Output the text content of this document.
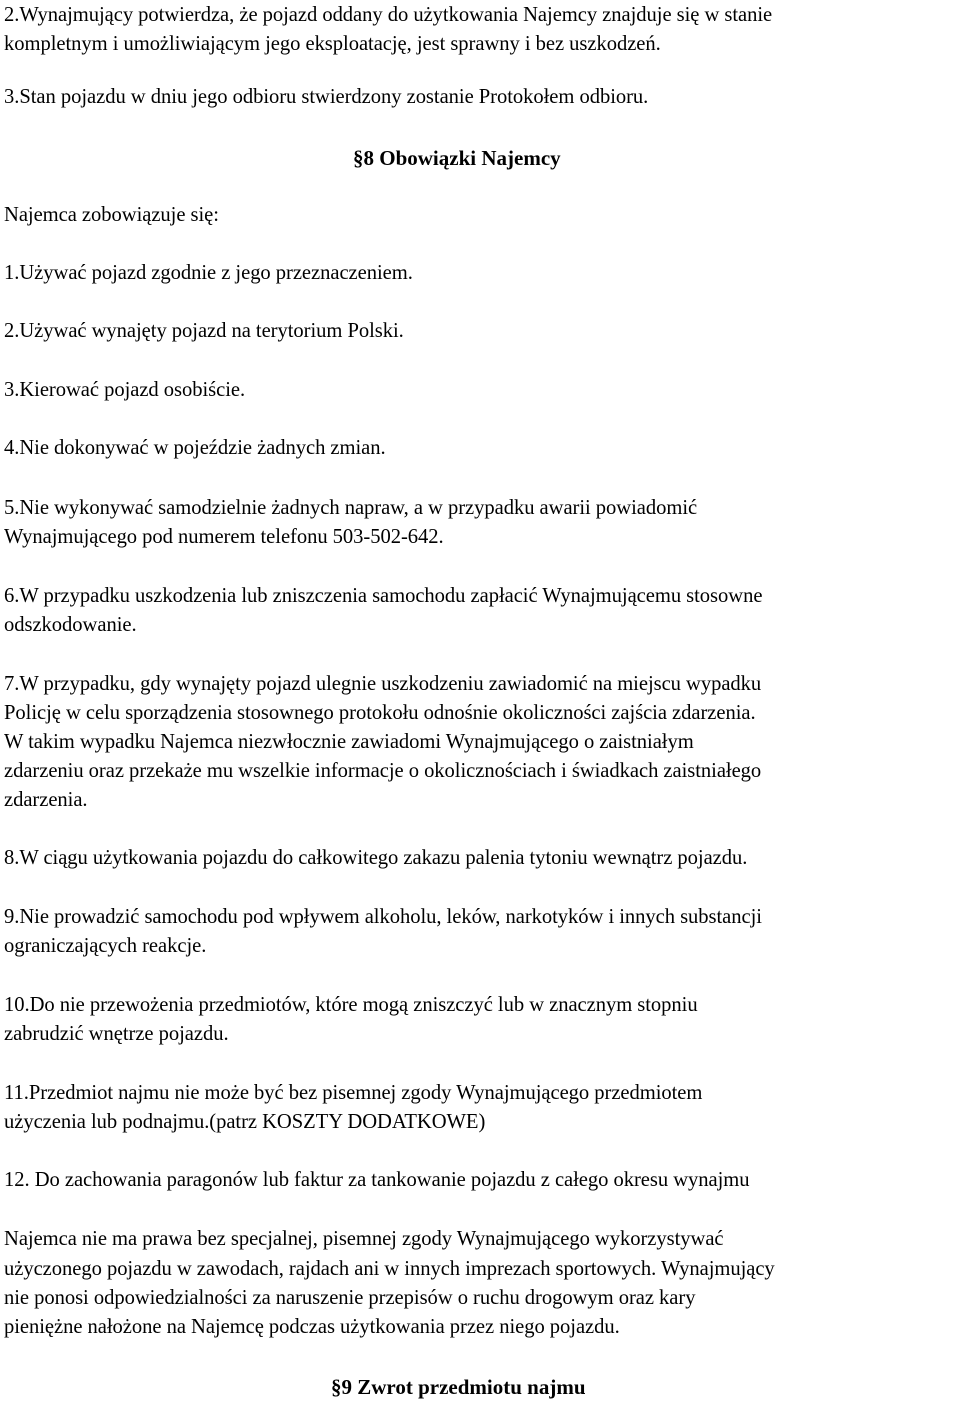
2.Wynajmujący potwierdza, że pojazd oddany do użytkowania Najemcy znajduje się w stanie
kompletnym i umożliwiającym jego eksploatację, jest sprawny i bez uszkodzeń.
3.Stan pojazdu w dniu jego odbioru stwierdzony zostanie Protokołem odbioru.
§8 Obowiązki Najemcy
Najemca zobowiązuje się:
1.Używać pojazd zgodnie z jego przeznaczeniem.
2.Używać wynajęty pojazd na terytorium Polski.
3.Kierować pojazd osobiście.
4.Nie dokonywać w pojeździe żadnych zmian.
5.Nie wykonywać samodzielnie żadnych napraw, a w przypadku awarii powiadomić
Wynajmującego pod numerem telefonu 503-502-642.
6.W przypadku uszkodzenia lub zniszczenia samochodu zapłacić Wynajmującemu stosowne
odszkodowanie.
7.W przypadku, gdy wynajęty pojazd ulegnie uszkodzeniu zawiadomić na miejscu wypadku
Policję w celu sporządzenia stosownego protokołu odnośnie okoliczności zajścia zdarzenia.
W takim wypadku Najemca niezwłocznie zawiadomi Wynajmującego o zaistniałym
zdarzeniu oraz przekaże mu wszelkie informacje o okolicznościach i świadkach zaistniałego
zdarzenia.
8.W ciągu użytkowania pojazdu do całkowitego zakazu palenia tytoniu wewnątrz pojazdu.
9.Nie prowadzić samochodu pod wpływem alkoholu, leków, narkotyków i innych substancji
ograniczających reakcje.
10.Do nie przewożenia przedmiotów, które mogą zniszczyć lub w znacznym stopniu
zabrudzić wnętrze pojazdu.
11.Przedmiot najmu nie może być bez pisemnej zgody Wynajmującego przedmiotem
użyczenia lub podnajmu.(patrz KOSZTY DODATKOWE)
12. Do zachowania paragonów lub faktur za tankowanie pojazdu z całego okresu wynajmu
Najemca nie ma prawa bez specjalnej, pisemnej zgody Wynajmującego wykorzystywać
użyczonego pojazdu w zawodach, rajdach ani w innych imprezach sportowych. Wynajmujący
nie ponosi odpowiedzialności za naruszenie przepisów o ruchu drogowym oraz kary
pieniężne nałożone na Najemcę podczas użytkowania przez niego pojazdu.
§9 Zwrot przedmiotu najmu
